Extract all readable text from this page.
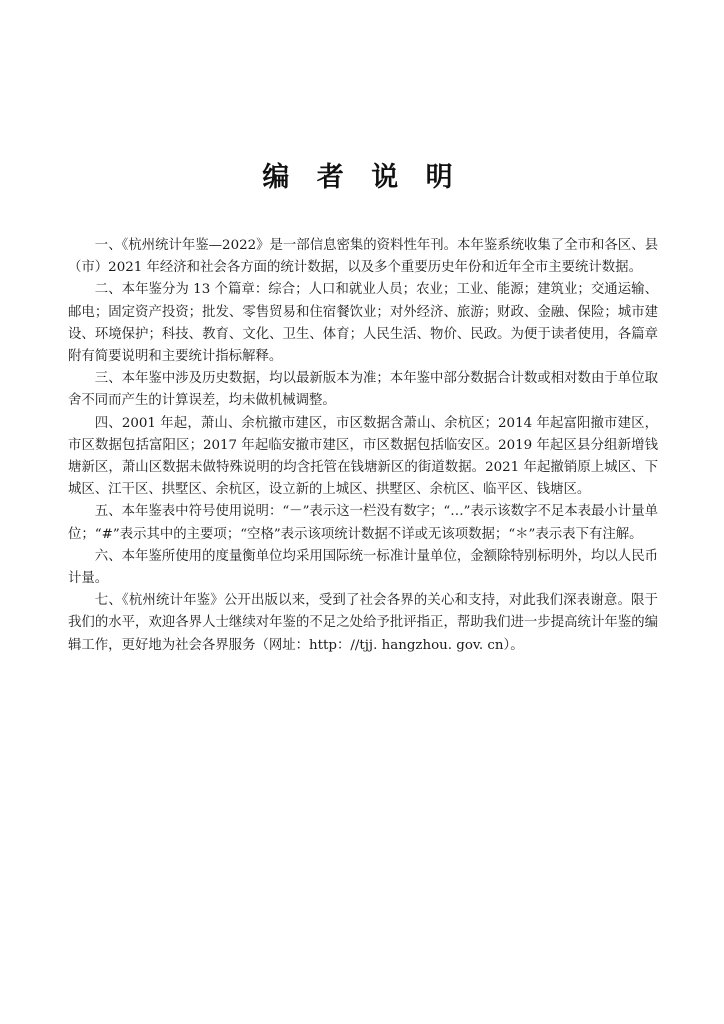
编 者 说 明

一、《杭州统计年鉴—2022》是一部信息密集的资料性年刊。本年鉴系统收集了全市和各区、县（市）2021 年经济和社会各方面的统计数据，以及多个重要历史年份和近年全市主要统计数据。

二、本年鉴分为 13 个篇章：综合；人口和就业人员；农业；工业、能源；建筑业；交通运输、邮电；固定资产投资；批发、零售贸易和住宿餐饮业；对外经济、旅游；财政、金融、保险；城市建设、环境保护；科技、教育、文化、卫生、体育；人民生活、物价、民政。为便于读者使用，各篇章附有简要说明和主要统计指标解释。

三、本年鉴中涉及历史数据，均以最新版本为准；本年鉴中部分数据合计数或相对数由于单位取舍不同而产生的计算误差，均未做机械调整。

四、2001 年起，萧山、余杭撤市建区，市区数据含萧山、余杭区；2014 年起富阳撤市建区，市区数据包括富阳区；2017 年起临安撤市建区，市区数据包括临安区。2019 年起区县分组新增钱塘新区，萧山区数据未做特殊说明的均含托管在钱塘新区的街道数据。2021 年起撤销原上城区、下城区、江干区、拱墅区、余杭区，设立新的上城区、拱墅区、余杭区、临平区、钱塘区。

五、本年鉴表中符号使用说明：“－”表示这一栏没有数字；“…”表示该数字不足本表最小计量单位；“#”表示其中的主要项；“空格”表示该项统计数据不详或无该项数据；“＊”表示表下有注解。

六、本年鉴所使用的度量衡单位均采用国际统一标准计量单位，金额除特别标明外，均以人民币计量。

七、《杭州统计年鉴》公开出版以来，受到了社会各界的关心和支持，对此我们深表谢意。限于我们的水平，欢迎各界人士继续对年鉴的不足之处给予批评指正，帮助我们进一步提高统计年鉴的编辑工作，更好地为社会各界服务（网址：http：//tjj. hangzhou. gov. cn）。
